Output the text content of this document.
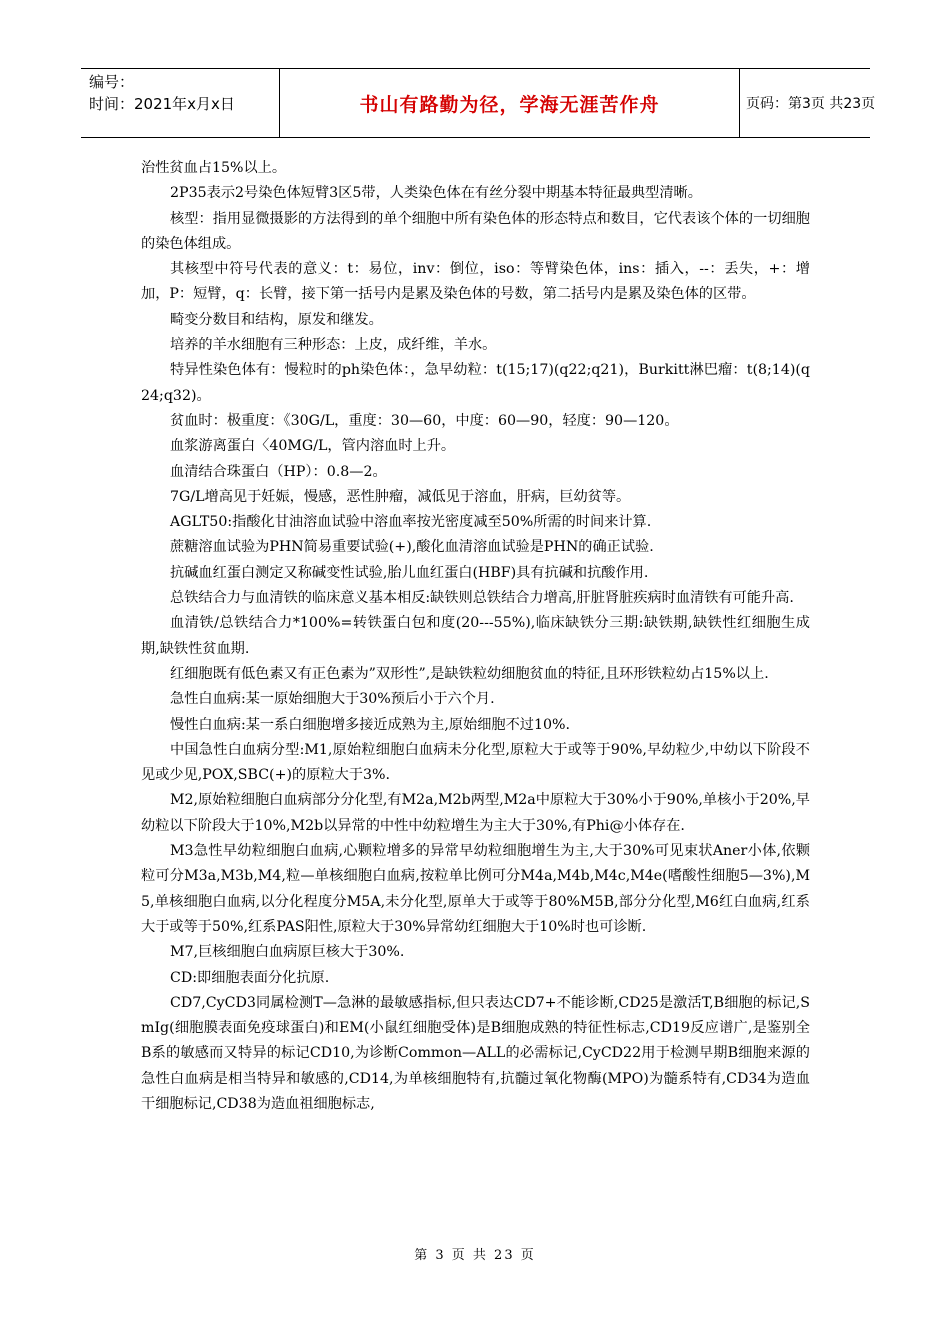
编号：
时间：2021年x月x日	书山有路勤为径，学海无涯苦作舟	页码：第3页 共23页

治性贫血占15%以上。

2P35表示2号染色体短臂3区5带，人类染色体在有丝分裂中期基本特征最典型清晰。

核型：指用显微摄影的方法得到的单个细胞中所有染色体的形态特点和数目，它代表该个体的一切细胞的染色体组成。

其核型中符号代表的意义：t：易位，inv：倒位，iso：等臂染色体，ins：插入，--：丢失，+：增加，P：短臂，q：长臂，接下第一括号内是累及染色体的号数，第二括号内是累及染色体的区带。

畸变分数目和结构，原发和继发。

培养的羊水细胞有三种形态：上皮，成纤维，羊水。

特异性染色体有：慢粒时的ph染色体：，急早幼粒：t(15;17)(q22;q21)，Burkitt淋巴瘤：t(8;14)(q24;q32)。

贫血时：极重度：《30G/L，重度：30—60，中度：60—90，轻度：90—120。

血浆游离蛋白〈40MG/L，管内溶血时上升。

血清结合珠蛋白（HP）：0.8—2。

7G/L增高见于妊娠，慢感，恶性肿瘤，减低见于溶血，肝病，巨幼贫等。

AGLT50:指酸化甘油溶血试验中溶血率按光密度减至50%所需的时间来计算.

蔗糖溶血试验为PHN简易重要试验(+),酸化血清溶血试验是PHN的确正试验.

抗碱血红蛋白测定又称碱变性试验,胎儿血红蛋白(HBF)具有抗碱和抗酸作用.

总铁结合力与血清铁的临床意义基本相反:缺铁则总铁结合力增高,肝脏肾脏疾病时血清铁有可能升高.

血清铁/总铁结合力*100%=转铁蛋白包和度(20---55%),临床缺铁分三期:缺铁期,缺铁性红细胞生成期,缺铁性贫血期.

红细胞既有低色素又有正色素为”双形性”,是缺铁粒幼细胞贫血的特征,且环形铁粒幼占15%以上.

急性白血病:某一原始细胞大于30%预后小于六个月.

慢性白血病:某一系白细胞增多接近成熟为主,原始细胞不过10%.

中国急性白血病分型:M1,原始粒细胞白血病未分化型,原粒大于或等于90%,早幼粒少,中幼以下阶段不见或少见,POX,SBC(+)的原粒大于3%.

M2,原始粒细胞白血病部分分化型,有M2a,M2b两型,M2a中原粒大于30%小于90%,单核小于20%,早幼粒以下阶段大于10%,M2b以异常的中性中幼粒增生为主大于30%,有Phi@小体存在.

M3急性早幼粒细胞白血病,心颗粒增多的异常早幼粒细胞增生为主,大于30%可见束状Aner小体,依颗粒可分M3a,M3b,M4,粒—单核细胞白血病,按粒单比例可分M4a,M4b,M4c,M4e(嗜酸性细胞5—3%),M5,单核细胞白血病,以分化程度分M5A,未分化型,原单大于或等于80%M5B,部分分化型,M6红白血病,红系大于或等于50%,红系PAS阳性,原粒大于30%异常幼红细胞大于10%时也可诊断.

M7,巨核细胞白血病原巨核大于30%.

CD:即细胞表面分化抗原.

CD7,CyCD3同属检测T—急淋的最敏感指标,但只表达CD7+不能诊断,CD25是激活T,B细胞的标记,SmIg(细胞膜表面免疫球蛋白)和EM(小鼠红细胞受体)是B细胞成熟的特征性标志,CD19反应谱广,是鉴别全B系的敏感而又特异的标记CD10,为诊断Common—ALL的必需标记,CyCD22用于检测早期B细胞来源的急性白血病是相当特异和敏感的,CD14,为单核细胞特有,抗髓过氧化物酶(MPO)为髓系特有,CD34为造血干细胞标记,CD38为造血祖细胞标志,

第 3 页 共 23 页
